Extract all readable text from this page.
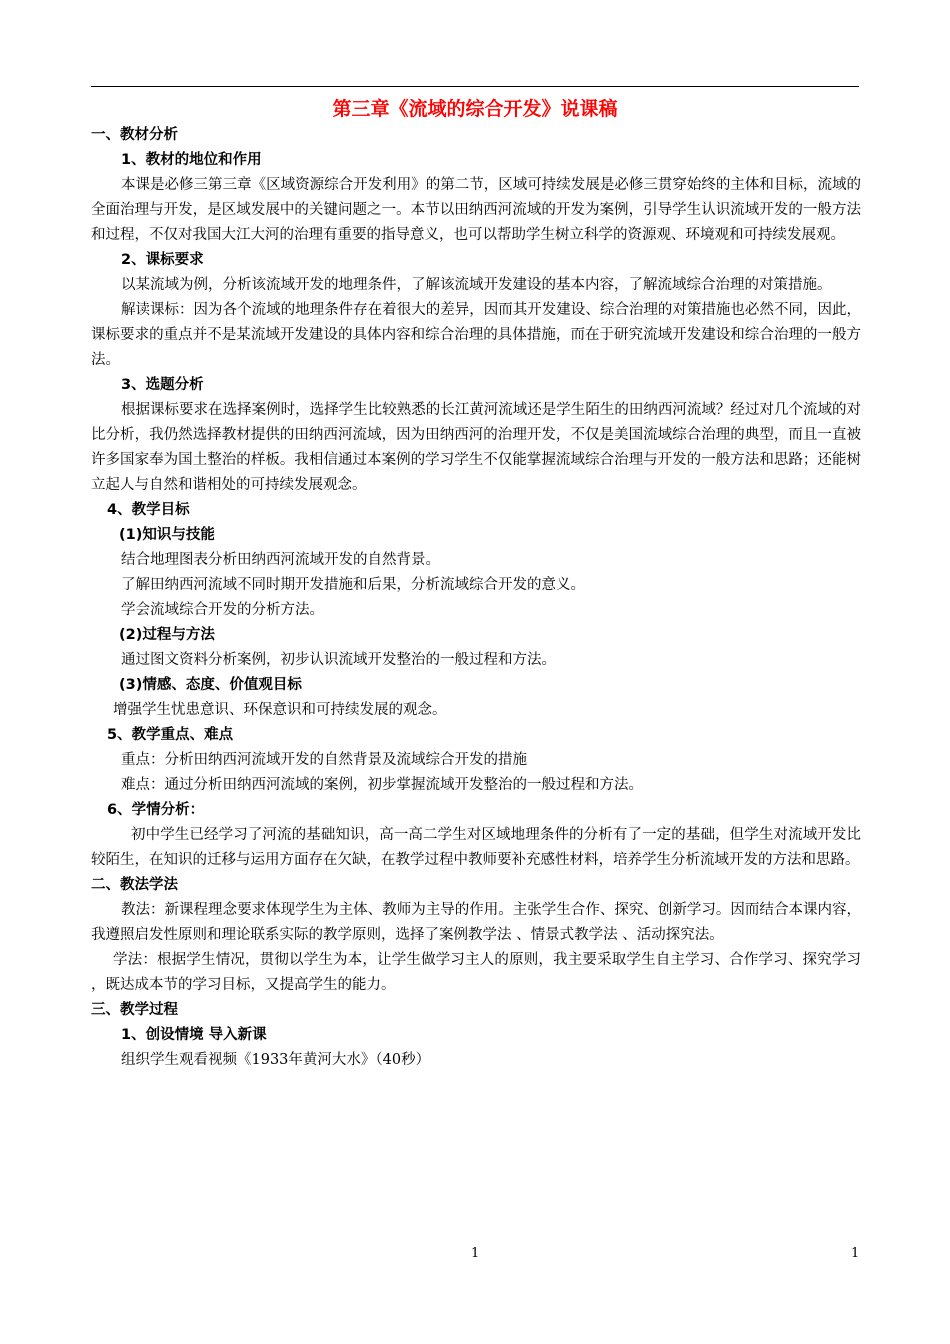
第三章《流域的综合开发》说课稿
一、教材分析
1、教材的地位和作用

本课是必修三第三章《区域资源综合开发利用》的第二节，区域可持续发展是必修三贯穿始终的主体和目标，流域的全面治理与开发，是区域发展中的关键问题之一。本节以田纳西河流域的开发为案例，引导学生认识流域开发的一般方法和过程，不仅对我国大江大河的治理有重要的指导意义，也可以帮助学生树立科学的资源观、环境观和可持续发展观。

2、课标要求

以某流域为例，分析该流域开发的地理条件，了解该流域开发建设的基本内容，了解流域综合治理的对策措施。

解读课标：因为各个流域的地理条件存在着很大的差异，因而其开发建设、综合治理的对策措施也必然不同，因此，课标要求的重点并不是某流域开发建设的具体内容和综合治理的具体措施，而在于研究流域开发建设和综合治理的一般方法。

3、选题分析

根据课标要求在选择案例时，选择学生比较熟悉的长江黄河流域还是学生陌生的田纳西河流域？经过对几个流域的对比分析，我仍然选择教材提供的田纳西河流域，因为田纳西河的治理开发，不仅是美国流域综合治理的典型，而且一直被许多国家奉为国土整治的样板。我相信通过本案例的学习学生不仅能掌握流域综合治理与开发的一般方法和思路；还能树立起人与自然和谐相处的可持续发展观念。

4、教学目标
(1)知识与技能
结合地理图表分析田纳西河流域开发的自然背景。
了解田纳西河流域不同时期开发措施和后果，分析流域综合开发的意义。
学会流域综合开发的分析方法。
(2)过程与方法
通过图文资料分析案例，初步认识流域开发整治的一般过程和方法。
(3)情感、态度、价值观目标
增强学生忧患意识、环保意识和可持续发展的观念。
5、教学重点、难点
重点：分析田纳西河流域开发的自然背景及流域综合开发的措施
难点：通过分析田纳西河流域的案例，初步掌握流域开发整治的一般过程和方法。
6、学情分析：

初中学生已经学习了河流的基础知识，高一高二学生对区域地理条件的分析有了一定的基础，但学生对流域开发比较陌生，在知识的迁移与运用方面存在欠缺，在教学过程中教师要补充感性材料，培养学生分析流域开发的方法和思路。

二、教法学法

教法：新课程理念要求体现学生为主体、教师为主导的作用。主张学生合作、探究、创新学习。因而结合本课内容，我遵照启发性原则和理论联系实际的教学原则，选择了案例教学法 、情景式教学法 、活动探究法。

学法：根据学生情况，贯彻以学生为本，让学生做学习主人的原则，我主要采取学生自主学习、合作学习、探究学习 ，既达成本节的学习目标，又提高学生的能力。

三、教学过程
1、创设情境 导入新课
组织学生观看视频《1933年黄河大水》（40秒）
1	1
